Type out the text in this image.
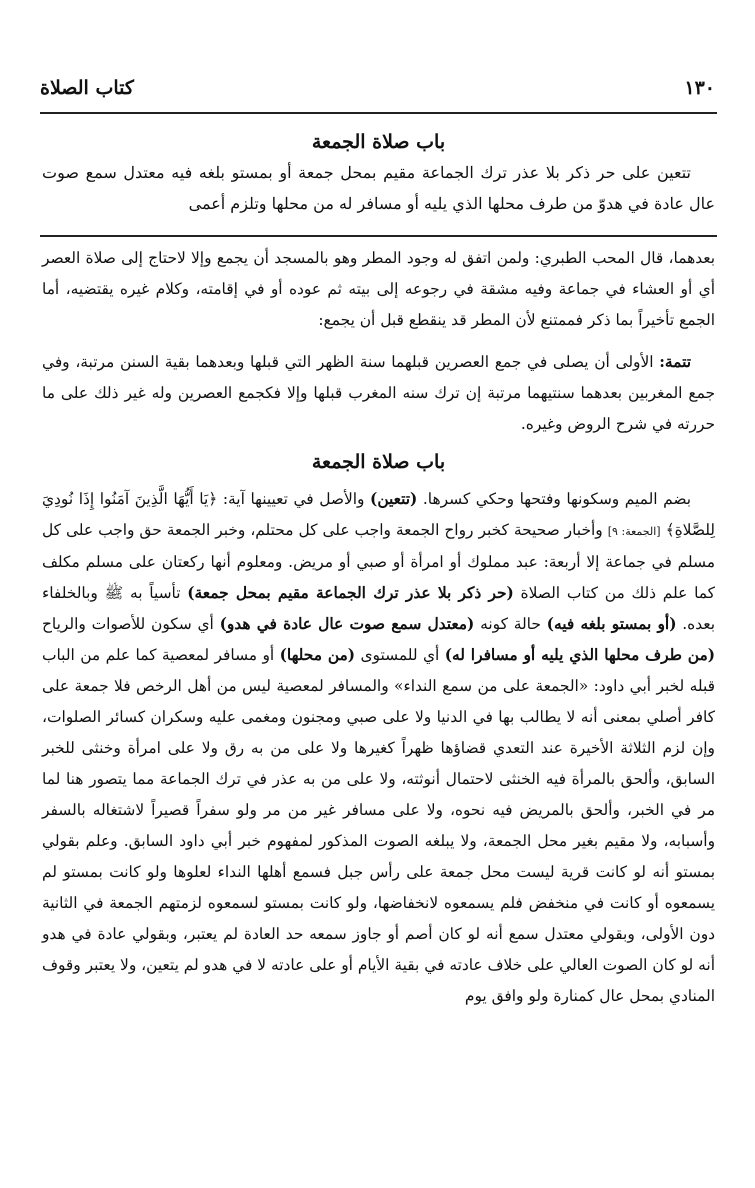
١٣٠
كتاب الصلاة
باب صلاة الجمعة

تتعين على حر ذكر بلا عذر ترك الجماعة مقيم بمحل جمعة أو بمستو بلغه فيه معتدل سمع صوت عال عادة في هدوّ من طرف محلها الذي يليه أو مسافر له من محلها وتلزم أعمى

بعدهما، قال المحب الطبري: ولمن اتفق له وجود المطر وهو بالمسجد أن يجمع وإلا لاحتاج إلى صلاة العصر أي أو العشاء في جماعة وفيه مشقة في رجوعه إلى بيته ثم عوده أو في إقامته، وكلام غيره يقتضيه، أما الجمع تأخيراً بما ذكر فممتنع لأن المطر قد ينقطع قبل أن يجمع:

تتمة: الأولى أن يصلى في جمع العصرين قبلهما سنة الظهر التي قبلها وبعدهما بقية السنن مرتبة، وفي جمع المغربين بعدهما سنتيهما مرتبة إن ترك سنه المغرب قبلها وإلا فكجمع العصرين وله غير ذلك على ما حررته في شرح الروض وغيره.

باب صلاة الجمعة

بضم الميم وسكونها وفتحها وحكي كسرها. (تتعين) والأصل في تعيينها آية: ﴿يَا أَيُّهَا الَّذِينَ آمَنُوا إِذَا نُودِيَ لِلصَّلاةِ﴾ [الجمعة: ٩] وأخبار صحيحة كخبر رواح الجمعة واجب على كل محتلم، وخبر الجمعة حق واجب على كل مسلم في جماعة إلا أربعة: عبد مملوك أو امرأة أو صبي أو مريض. ومعلوم أنها ركعتان على مسلم مكلف كما علم ذلك من كتاب الصلاة (حر ذكر بلا عذر ترك الجماعة مقيم بمحل جمعة) تأسياً به ﷺ وبالخلفاء بعده. (أو بمستو بلغه فيه) حالة كونه (معتدل سمع صوت عال عادة في هدو) أي سكون للأصوات والرياح (من طرف محلها الذي يليه أو مسافرا له) أي للمستوى (من محلها) أو مسافر لمعصية كما علم من الباب قبله لخبر أبي داود: «الجمعة على من سمع النداء» والمسافر لمعصية ليس من أهل الرخص فلا جمعة على كافر أصلي بمعنى أنه لا يطالب بها في الدنيا ولا على صبي ومجنون ومغمى عليه وسكران كسائر الصلوات، وإن لزم الثلاثة الأخيرة عند التعدي قضاؤها ظهراً كغيرها ولا على من به رق ولا على امرأة وخنثى للخبر السابق، وألحق بالمرأة فيه الخنثى لاحتمال أنوثته، ولا على من به عذر في ترك الجماعة مما يتصور هنا لما مر في الخبر، وألحق بالمريض فيه نحوه، ولا على مسافر غير من مر ولو سفراً قصيراً لاشتغاله بالسفر وأسبابه، ولا مقيم بغير محل الجمعة، ولا يبلغه الصوت المذكور لمفهوم خبر أبي داود السابق. وعلم بقولي بمستو أنه لو كانت قرية ليست محل جمعة على رأس جبل فسمع أهلها النداء لعلوها ولو كانت بمستو لم يسمعوه أو كانت في منخفض فلم يسمعوه لانخفاضها، ولو كانت بمستو لسمعوه لزمتهم الجمعة في الثانية دون الأولى، وبقولي معتدل سمع أنه لو كان أصم أو جاوز سمعه حد العادة لم يعتبر، وبقولي عادة في هدو أنه لو كان الصوت العالي على خلاف عادته في بقية الأيام أو على عادته لا في هدو لم يتعين، ولا يعتبر وقوف المنادي بمحل عال كمنارة ولو وافق يوم
